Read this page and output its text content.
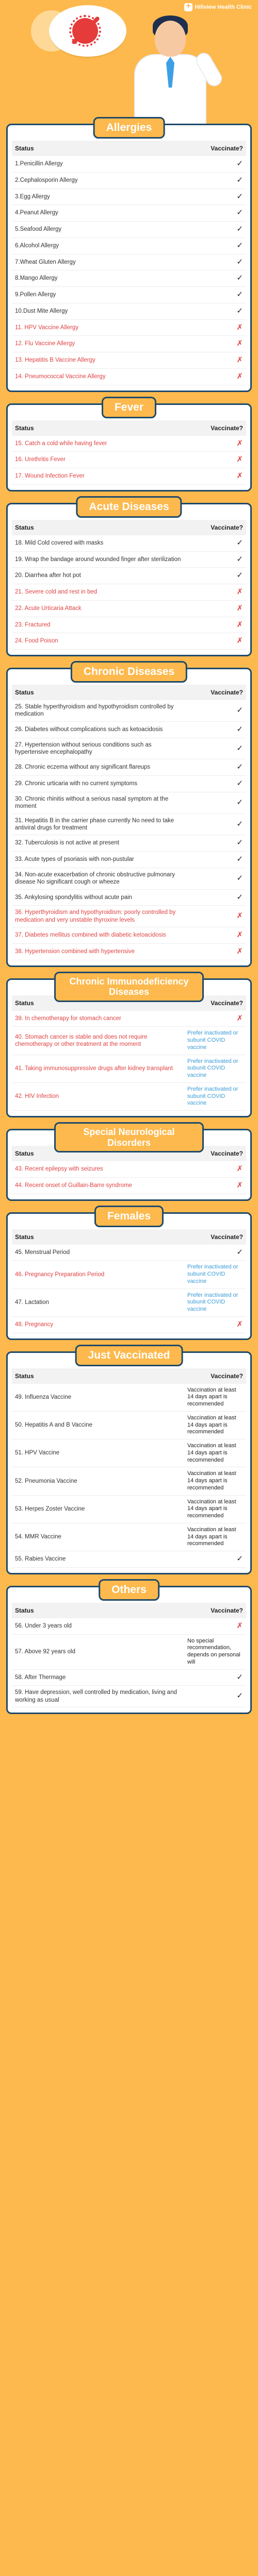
+
Hillview Health Clinic
Allergies
Status	Vaccinate?
1.Penicillin Allergy	✓
2.Cephalosporin Allergy	✓
3.Egg Allergy	✓
4.Peanut Allergy	✓
5.Seafood Allergy	✓
6.Alcohol Allergy	✓
7.Wheat Gluten Allergy	✓
8.Mango Allergy	✓
9.Pollen Allergy	✓
10.Dust Mite Allergy	✓
11. HPV Vaccine Allergy	✗
12. Flu Vaccine Allergy	✗
13. Hepatitis B Vaccine Allergy	✗
14. Pneumococcal Vaccine Allergy	✗
Fever
Status	Vaccinate?
15. Catch a cold while having fever	✗
16. Urethritis Fever	✗
17. Wound Infection Fever	✗
Acute Diseases
Status	Vaccinate?
18. Mild Cold covered with masks	✓
19. Wrap the bandage around wounded finger after sterilization	✓
20. Diarrhea after hot pot	✓
21. Severe cold and rest in bed	✗
22. Acute Urticaria Attack	✗
23. Fractured	✗
24. Food Poison	✗
Chronic Diseases
Status	Vaccinate?
25. Stable hyperthyroidism and hypothyroidism controlled by medication	✓
26. Diabetes without complications such as ketoacidosis	✓
27. Hypertension without serious conditions such as hypertensive encephalopathy	✓
28. Chronic eczema without any significant flareups	✓
29. Chronic urticaria with no current symptoms	✓
30. Chronic rhinitis without a serious nasal symptom at the moment	✓
31. Hepatitis B in the carrier phase currently No need to take antiviral drugs for treatment	✓
32. Tuberculosis is not active at present	✓
33. Acute types of psoriasis with non-pustular	✓
34. Non-acute exacerbation of chronic obstructive pulmonary disease No significant cough or wheeze	✓
35. Ankylosing spondylitis without acute pain	✓
36. Hyperthyroidism and hypothyroidism: poorly controlled by medication and very unstable thyroxine levels	✗
37. Diabetes mellitus combined with diabetic ketoacidosis	✗
38. Hypertension combined with hypertensive	✗
Chronic Immunodeficiency Diseases
Status	Vaccinate?
39. In chemotherapy for stomach cancer	✗
40. Stomach cancer is stable and does not require chemotherapy or other treatment at the moment	Prefer inactivated or subunit COVID vaccine

41. Taking immunosuppressive drugs after kidney transplant	Prefer inactivated or subunit COVID vaccine

42. HIV Infection	Prefer inactivated or subunit COVID vaccine
Special Neurological Disorders
Status	Vaccinate?
43. Recent epilepsy with seizures	✗
44. Recent onset of Guillain-Barre syndrome	✗
Females
Status	Vaccinate?
45. Menstrual Period	✓
46. Pregnancy Preparation Period	Prefer inactivated or subunit COVID vaccine

47. Lactation	Prefer inactivated or subunit COVID vaccine

48. Pregnancy	✗
Just Vaccinated
Status	Vaccinate?
49. Influenza Vaccine	Vaccination at least 14 days apart is recommended

50. Hepatitis A and B Vaccine	Vaccination at least 14 days apart is recommended

51. HPV Vaccine	Vaccination at least 14 days apart is recommended

52. Pneumonia Vaccine	Vaccination at least 14 days apart is recommended

53. Herpes Zoster Vaccine	Vaccination at least 14 days apart is recommended

54. MMR Vaccine	Vaccination at least 14 days apart is recommended

55. Rabies Vaccine	✓
Others
Status	Vaccinate?
56. Under 3 years old	✗
57. Above 92 years old	No special recommendation, depends on personal will

58. After Thermage	✓
59. Have depression, well controlled by medication, living and working as usual	✓
